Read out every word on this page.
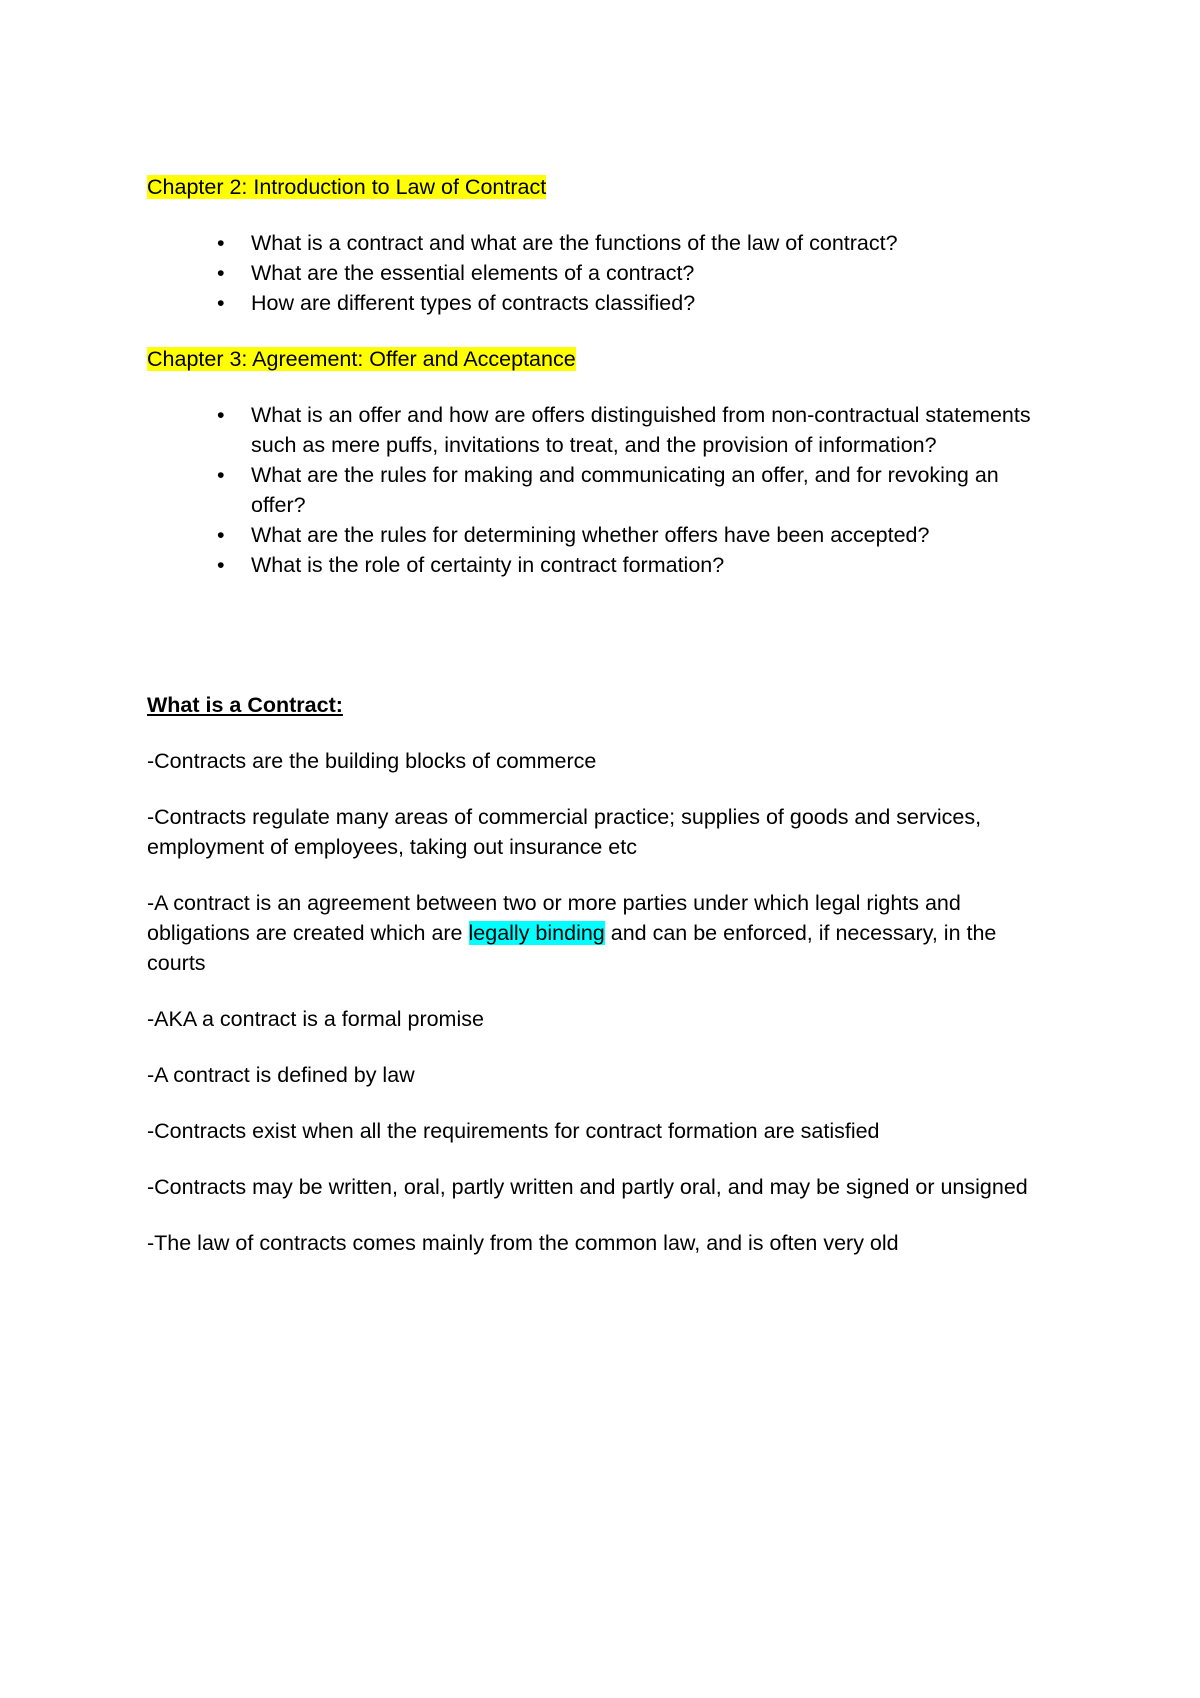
Chapter 2: Introduction to Law of Contract

• What is a contract and what are the functions of the law of contract?
• What are the essential elements of a contract?
• How are different types of contracts classified?

Chapter 3: Agreement: Offer and Acceptance

• What is an offer and how are offers distinguished from non-contractual statements such as mere puffs, invitations to treat, and the provision of information?
• What are the rules for making and communicating an offer, and for revoking an offer?
• What are the rules for determining whether offers have been accepted?
• What is the role of certainty in contract formation?

What is a Contract:

-Contracts are the building blocks of commerce

-Contracts regulate many areas of commercial practice; supplies of goods and services, employment of employees, taking out insurance etc

-A contract is an agreement between two or more parties under which legal rights and obligations are created which are legally binding and can be enforced, if necessary, in the courts

-AKA a contract is a formal promise

-A contract is defined by law

-Contracts exist when all the requirements for contract formation are satisfied

-Contracts may be written, oral, partly written and partly oral, and may be signed or unsigned

-The law of contracts comes mainly from the common law, and is often very old
